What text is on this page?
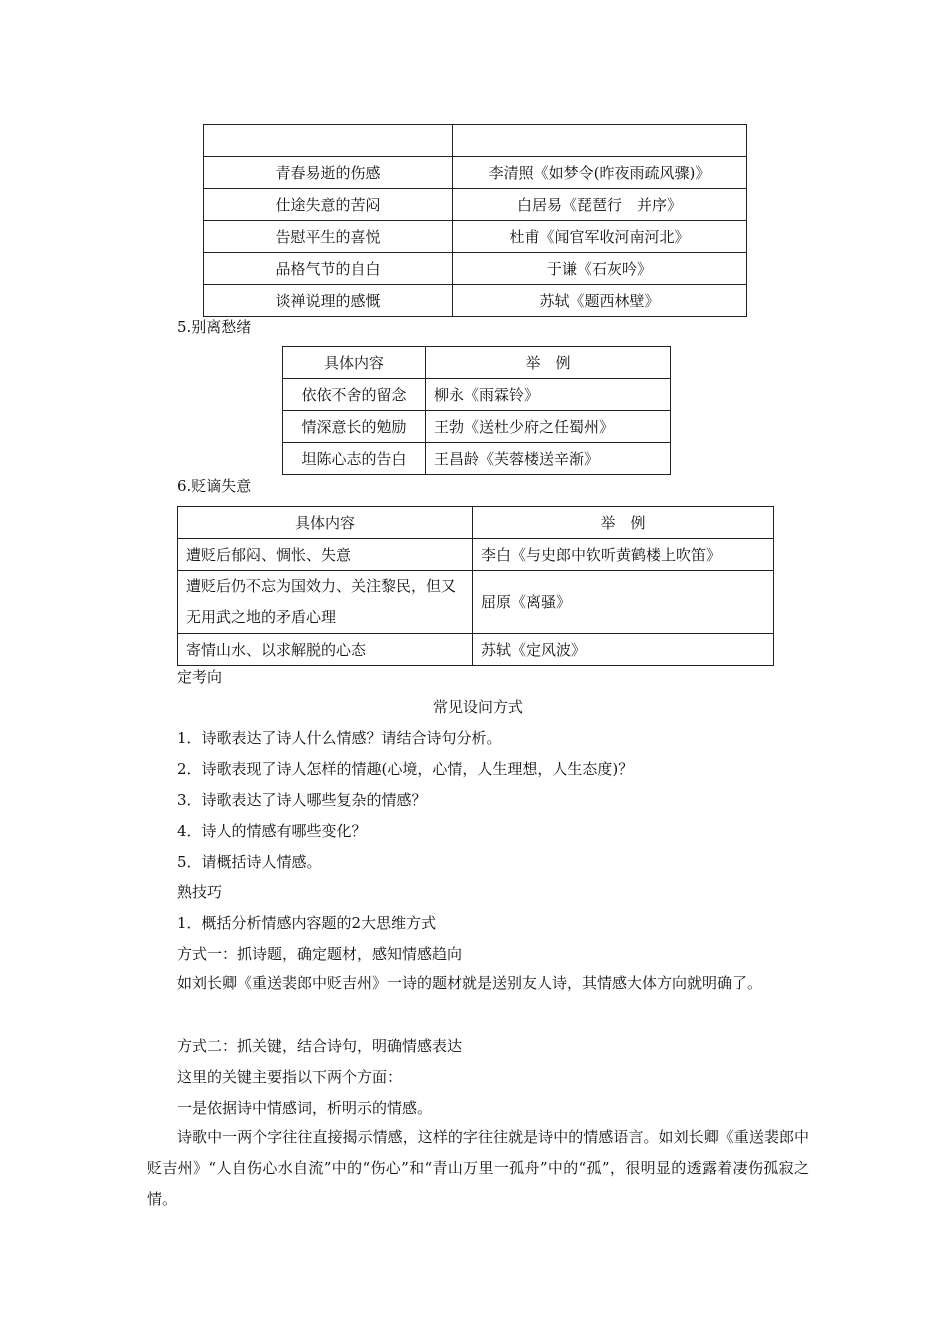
青春易逝的伤感	李清照《如梦令(昨夜雨疏风骤)》
仕途失意的苦闷	白居易《琵琶行　并序》
告慰平生的喜悦	杜甫《闻官军收河南河北》
品格气节的自白	于谦《石灰吟》
谈禅说理的感慨	苏轼《题西林壁》

5.别离愁绪

具体内容	举　例
依依不舍的留念	柳永《雨霖铃》
情深意长的勉励	王勃《送杜少府之任蜀州》
坦陈心志的告白	王昌龄《芙蓉楼送辛渐》

6.贬谪失意

具体内容	举　例
遭贬后郁闷、惆怅、失意	李白《与史郎中钦听黄鹤楼上吹笛》
遭贬后仍不忘为国效力、关注黎民，但又无用武之地的矛盾心理	屈原《离骚》
寄情山水、以求解脱的心态	苏轼《定风波》

定考向

常见设问方式

1．诗歌表达了诗人什么情感？请结合诗句分析。

2．诗歌表现了诗人怎样的情趣(心境，心情，人生理想，人生态度)？

3．诗歌表达了诗人哪些复杂的情感？

4．诗人的情感有哪些变化？

5．请概括诗人情感。

熟技巧

1．概括分析情感内容题的2大思维方式

方式一：抓诗题，确定题材，感知情感趋向

如刘长卿《重送裴郎中贬吉州》一诗的题材就是送别友人诗，其情感大体方向就明确了。

方式二：抓关键，结合诗句，明确情感表达

这里的关键主要指以下两个方面：

一是依据诗中情感词，析明示的情感。

诗歌中一两个字往往直接揭示情感，这样的字往往就是诗中的情感语言。如刘长卿《重送裴郎中贬吉州》“人自伤心水自流”中的“伤心”和“青山万里一孤舟”中的“孤”，很明显的透露着凄伤孤寂之情。
